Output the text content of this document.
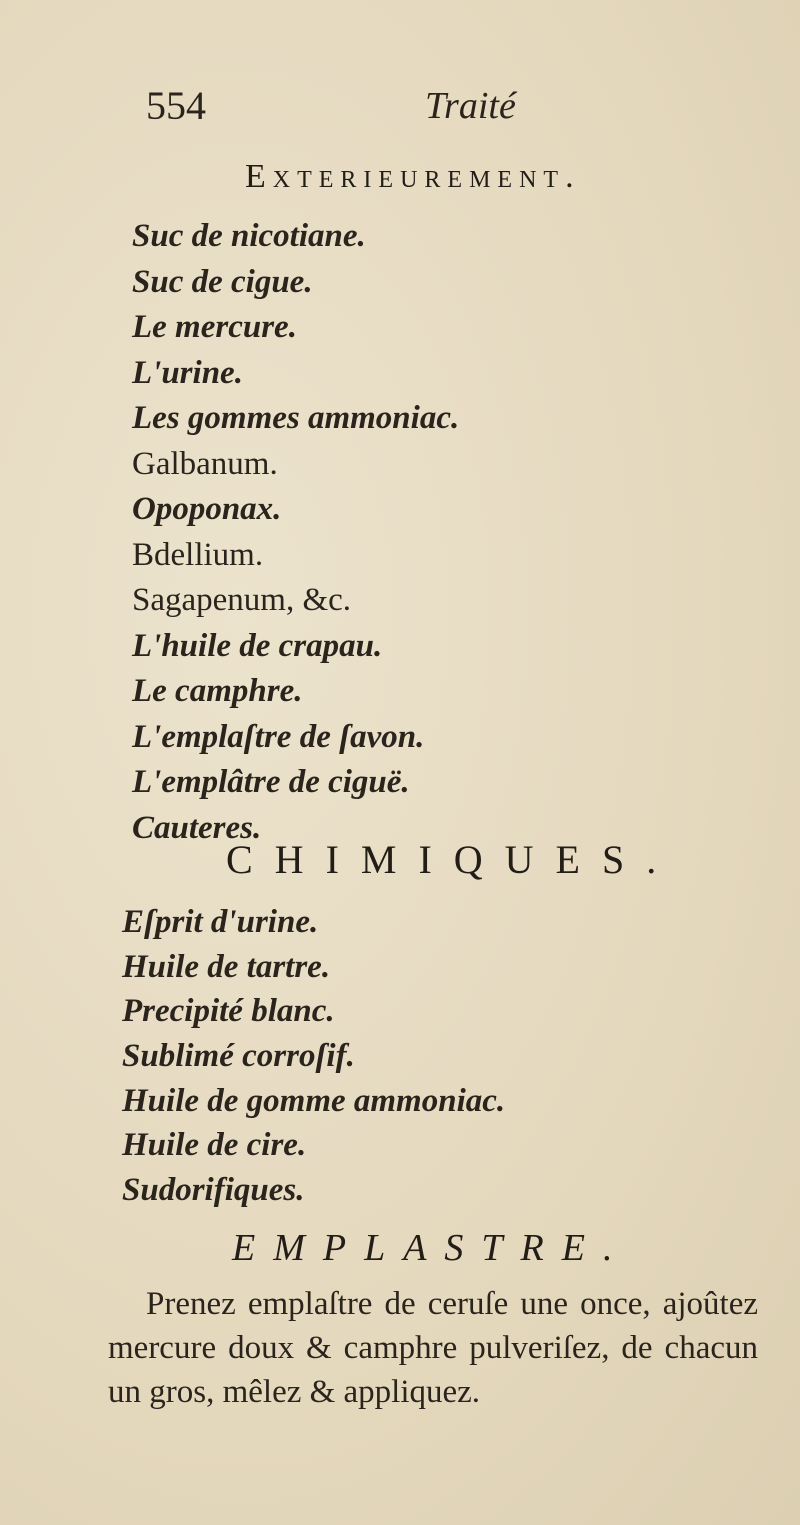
554	Traité
Exterieurement.
Suc de nicotiane.
Suc de cigue.
Le mercure.
L'urine.
Les gommes ammoniac.
Galbanum.
Opoponax.
Bdellium.
Sagapenum, &c.
L'huile de crapau.
Le camphre.
L'emplaſtre de ſavon.
L'emplâtre de ciguë.
Cauteres.
CHIMIQUES.
Eſprit d'urine.
Huile de tartre.
Precipité blanc.
Sublimé corroſif.
Huile de gomme ammoniac.
Huile de cire.
Sudorifiques.
EMPLASTRE.

Prenez emplaſtre de ceruſe une once, ajoûtez mercure doux & camphre pulveriſez, de chacun un gros, mêlez & appliquez.
